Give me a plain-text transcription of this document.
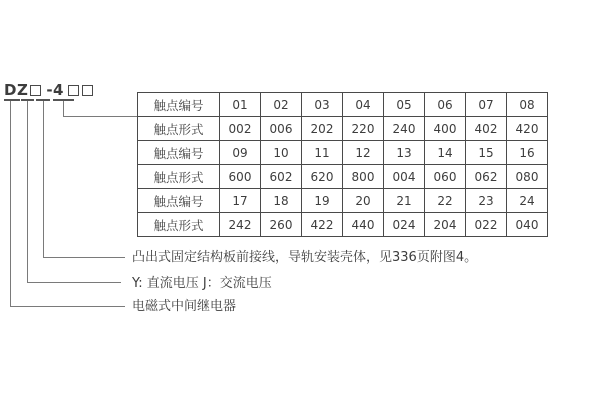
DZ -4
触点编号	01	02	03	04	05	06	07	08
触点形式	002	006	202	220	240	400	402	420
触点编号	09	10	11	12	13	14	15	16
触点形式	600	602	620	800	004	060	062	080
触点编号	17	18	19	20	21	22	23	24
触点形式	242	260	422	440	024	204	022	040
凸出式固定结构板前接线，导轨安装壳体，见336页附图4。
Y: 直流电压 J：交流电压
电磁式中间继电器
